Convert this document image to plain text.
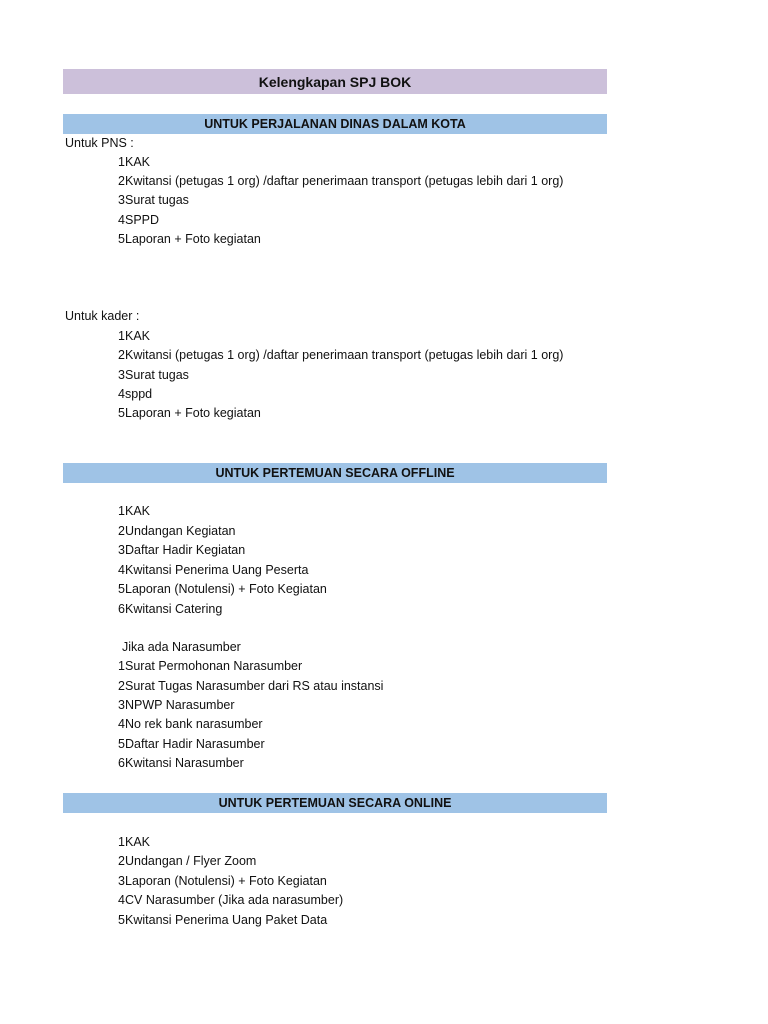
Kelengkapan SPJ BOK
UNTUK PERJALANAN DINAS DALAM KOTA
Untuk PNS :
1 KAK
2 Kwitansi (petugas 1 org) /daftar penerimaan transport (petugas lebih dari 1 org)
3 Surat tugas
4 SPPD
5 Laporan + Foto kegiatan
Untuk kader :
1 KAK
2 Kwitansi (petugas 1 org) /daftar penerimaan transport (petugas lebih dari 1 org)
3 Surat tugas
4 sppd
5 Laporan + Foto kegiatan
UNTUK PERTEMUAN SECARA OFFLINE
1 KAK
2 Undangan Kegiatan
3 Daftar Hadir Kegiatan
4 Kwitansi Penerima Uang Peserta
5 Laporan (Notulensi) + Foto Kegiatan
6 Kwitansi Catering
Jika ada Narasumber
1 Surat Permohonan Narasumber
2 Surat Tugas Narasumber dari RS atau instansi
3 NPWP Narasumber
4 No rek bank narasumber
5 Daftar Hadir Narasumber
6 Kwitansi Narasumber
UNTUK PERTEMUAN SECARA ONLINE
1 KAK
2 Undangan / Flyer Zoom
3 Laporan (Notulensi) + Foto Kegiatan
4 CV Narasumber (Jika ada narasumber)
5 Kwitansi Penerima Uang Paket Data
